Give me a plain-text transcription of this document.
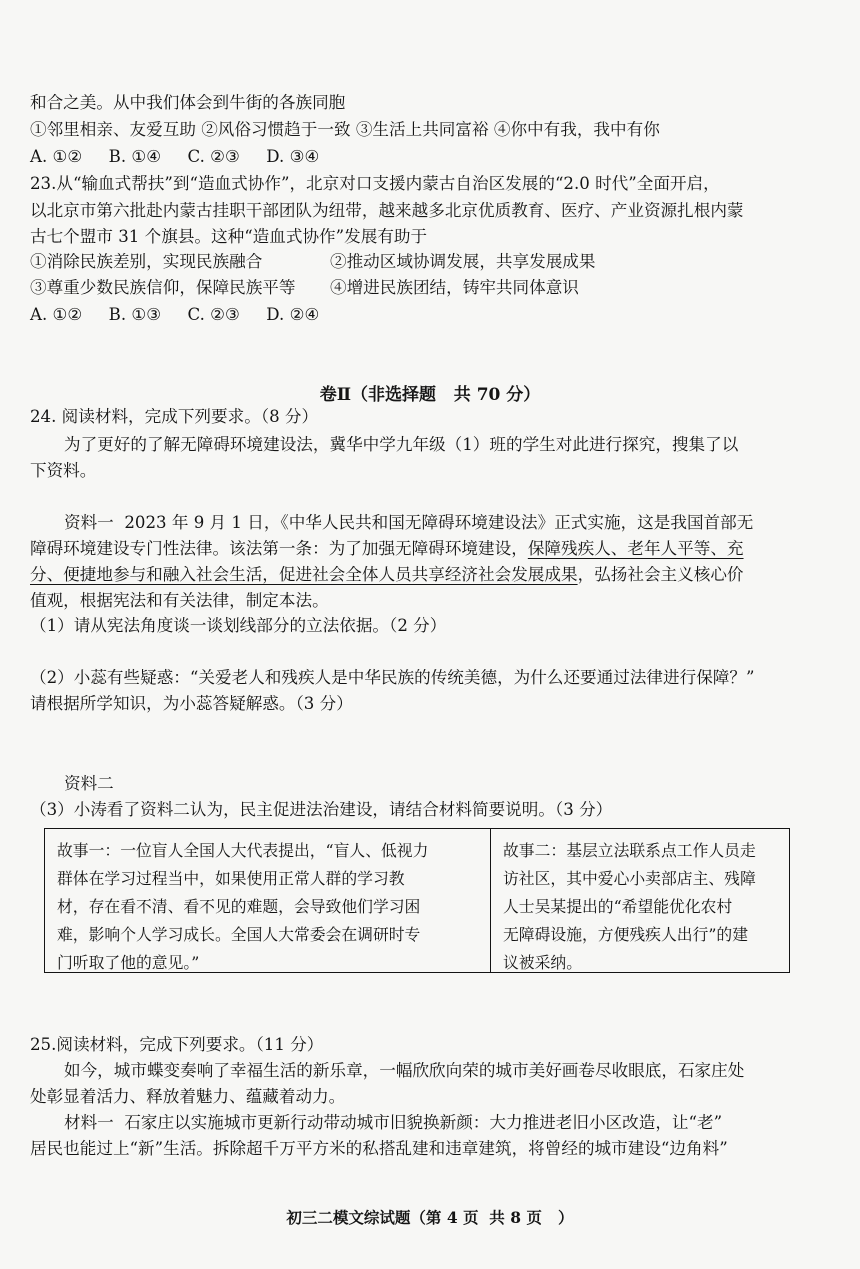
和合之美。从中我们体会到牛街的各族同胞
①邻里相亲、友爱互助 ②风俗习惯趋于一致 ③生活上共同富裕 ④你中有我，我中有你
A. ①②     B. ①④     C. ②③     D. ③④
23.从“输血式帮扶”到“造血式协作”，北京对口支援内蒙古自治区发展的“2.0 时代”全面开启，
以北京市第六批赴内蒙古挂职干部团队为纽带，越来越多北京优质教育、医疗、产业资源扎根内蒙
古七个盟市 31 个旗县。这种“造血式协作”发展有助于
①消除民族差别，实现民族融合	②推动区域协调发展，共享发展成果
③尊重少数民族信仰，保障民族平等 ④增进民族团结，铸牢共同体意识
A. ①②     B. ①③     C. ②③     D. ②④
卷Ⅱ（非选择题   共 70 分）
24. 阅读材料，完成下列要求。（8 分）
为了更好的了解无障碍环境建设法，冀华中学九年级（1）班的学生对此进行探究，搜集了以
下资料。
资料一  2023 年 9 月 1 日，《中华人民共和国无障碍环境建设法》正式实施，这是我国首部无
障碍环境建设专门性法律。该法第一条：为了加强无障碍环境建设，保障残疾人、老年人平等、充
分、便捷地参与和融入社会生活，促进社会全体人员共享经济社会发展成果，弘扬社会主义核心价
值观，根据宪法和有关法律，制定本法。
（1）请从宪法角度谈一谈划线部分的立法依据。（2 分）
（2）小蕊有些疑惑：“关爱老人和残疾人是中华民族的传统美德，为什么还要通过法律进行保障？”
请根据所学知识，为小蕊答疑解惑。（3 分）
资料二
（3）小涛看了资料二认为，民主促进法治建设，请结合材料简要说明。（3 分）
故事一：一位盲人全国人大代表提出，“盲人、低视力
群体在学习过程当中，如果使用正常人群的学习教
材，存在看不清、看不见的难题，会导致他们学习困
难，影响个人学习成长。全国人大常委会在调研时专
门听取了他的意见。”
故事二：基层立法联系点工作人员走
访社区，其中爱心小卖部店主、残障
人士吴某提出的“希望能优化农村
无障碍设施，方便残疾人出行”的建
议被采纳。
25.阅读材料，完成下列要求。（11 分）
如今，城市蝶变奏响了幸福生活的新乐章，一幅欣欣向荣的城市美好画卷尽收眼底，石家庄处
处彰显着活力、释放着魅力、蕴藏着动力。
材料一  石家庄以实施城市更新行动带动城市旧貌换新颜：大力推进老旧小区改造，让“老”
居民也能过上“新”生活。拆除超千万平方米的私搭乱建和违章建筑，将曾经的城市建设“边角料”
初三二模文综试题（第 4 页  共 8 页   ）
